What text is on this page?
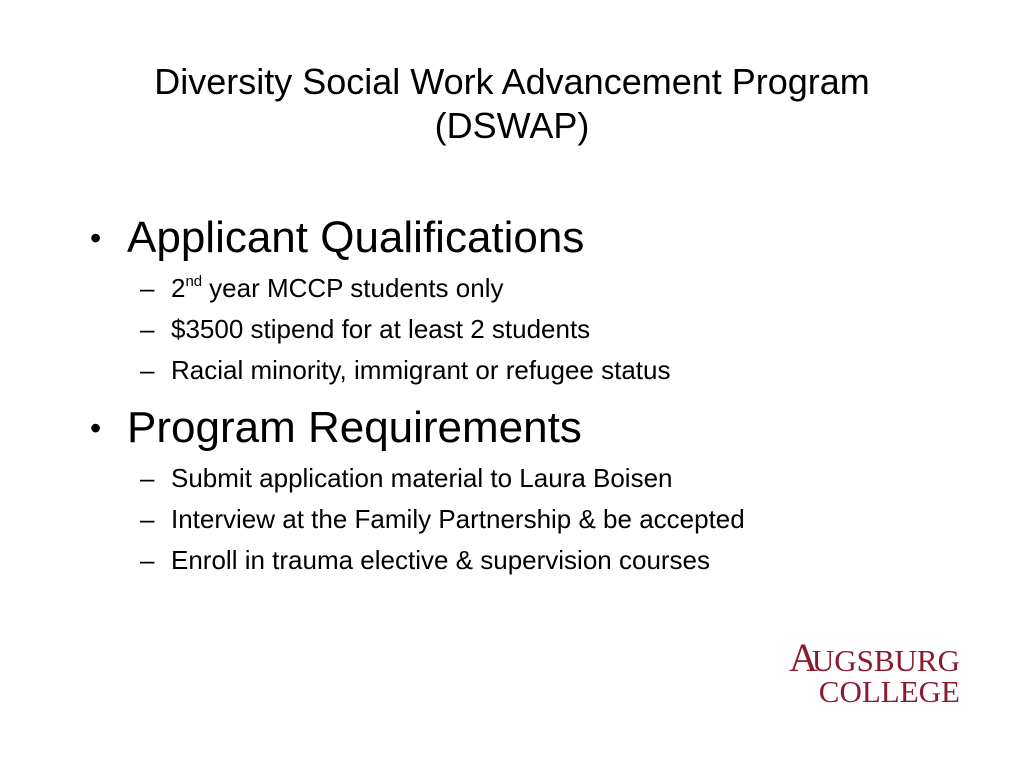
Diversity Social Work Advancement Program
(DSWAP)
• Applicant Qualifications
– 2nd year MCCP students only
– $3500 stipend for at least 2 students
– Racial minority, immigrant or refugee status
• Program Requirements
– Submit application material to Laura Boisen
– Interview at the Family Partnership & be accepted
– Enroll in trauma elective & supervision courses
AUGSBURG
COLLEGE
